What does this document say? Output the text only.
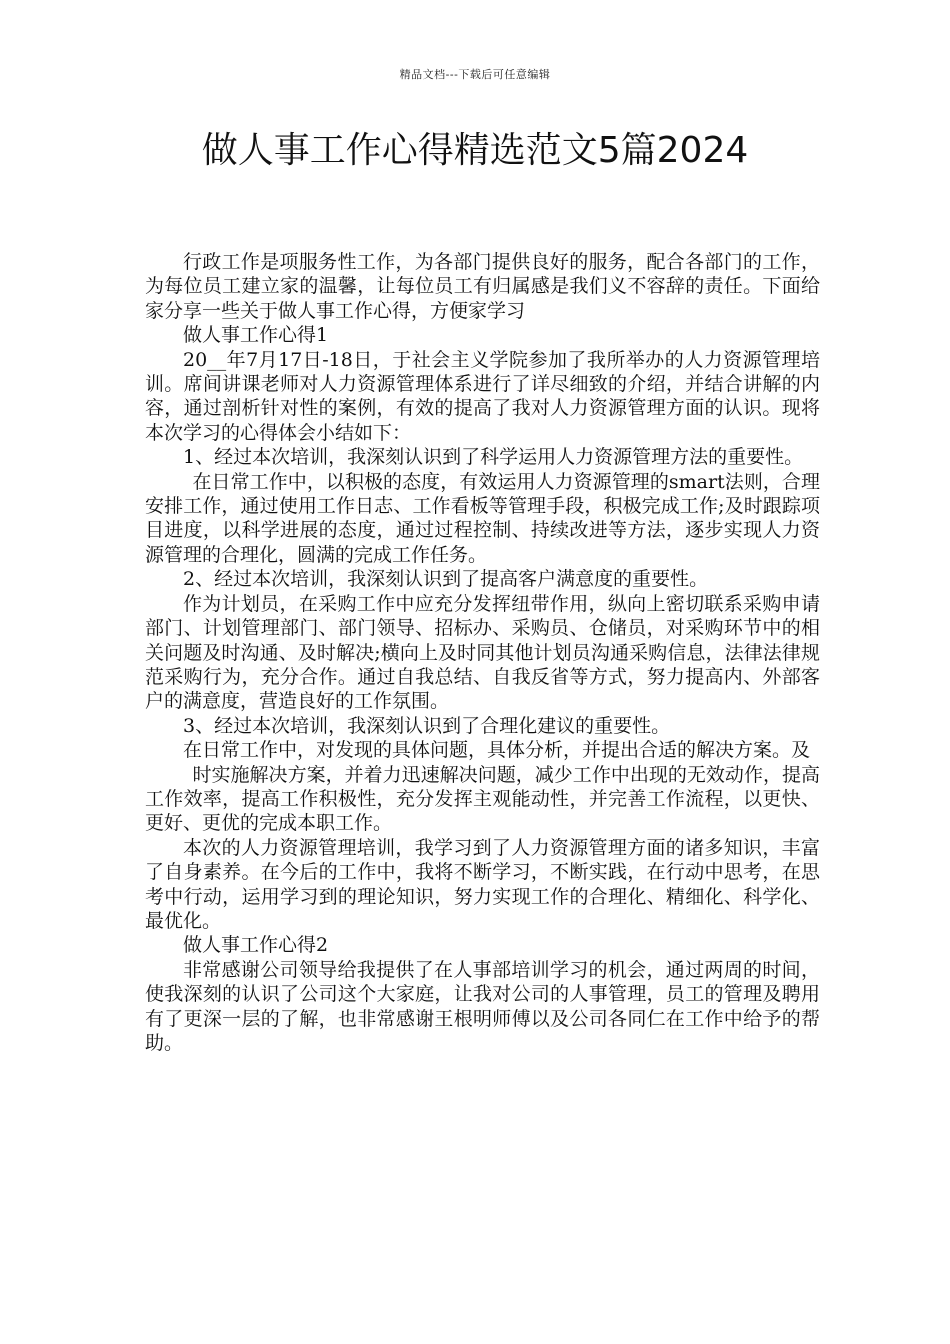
精品文档---下载后可任意编辑
做人事工作心得精选范文5篇2024

行政工作是项服务性工作，为各部门提供良好的服务，配合各部门的工作，为每位员工建立家的温馨，让每位员工有归属感是我们义不容辞的责任。下面给家分享一些关于做人事工作心得，方便家学习

做人事工作心得1

20__年7月17日-18日，于社会主义学院参加了我所举办的人力资源管理培训。席间讲课老师对人力资源管理体系进行了详尽细致的介绍，并结合讲解的内容，通过剖析针对性的案例，有效的提高了我对人力资源管理方面的认识。现将本次学习的心得体会小结如下：

1、经过本次培训，我深刻认识到了科学运用人力资源管理方法的重要性。

在日常工作中，以积极的态度，有效运用人力资源管理的smart法则，合理安排工作，通过使用工作日志、工作看板等管理手段，积极完成工作;及时跟踪项目进度，以科学进展的态度，通过过程控制、持续改进等方法，逐步实现人力资源管理的合理化，圆满的完成工作任务。

2、经过本次培训，我深刻认识到了提高客户满意度的重要性。

作为计划员，在采购工作中应充分发挥纽带作用，纵向上密切联系采购申请部门、计划管理部门、部门领导、招标办、采购员、仓储员，对采购环节中的相关问题及时沟通、及时解决;横向上及时同其他计划员沟通采购信息，法律法律规范采购行为，充分合作。通过自我总结、自我反省等方式，努力提高内、外部客户的满意度，营造良好的工作氛围。

3、经过本次培训，我深刻认识到了合理化建议的重要性。

在日常工作中，对发现的具体问题，具体分析，并提出合适的解决方案。及

时实施解决方案，并着力迅速解决问题，减少工作中出现的无效动作，提高工作效率，提高工作积极性，充分发挥主观能动性，并完善工作流程，以更快、更好、更优的完成本职工作。

本次的人力资源管理培训，我学习到了人力资源管理方面的诸多知识，丰富了自身素养。在今后的工作中，我将不断学习，不断实践，在行动中思考，在思考中行动，运用学习到的理论知识，努力实现工作的合理化、精细化、科学化、最优化。

做人事工作心得2

非常感谢公司领导给我提供了在人事部培训学习的机会，通过两周的时间，使我深刻的认识了公司这个大家庭，让我对公司的人事管理，员工的管理及聘用有了更深一层的了解，也非常感谢王根明师傅以及公司各同仁在工作中给予的帮助。
